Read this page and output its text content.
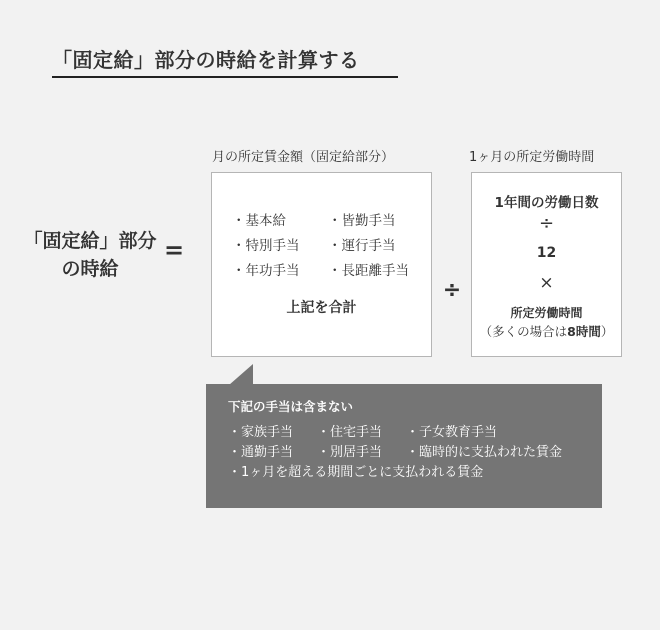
「固定給」部分の時給を計算する
「固定給」部分
の時給
=
月の所定賃金額（固定給部分）
・基本給	・皆勤手当
・特別手当	・運行手当
・年功手当	・長距離手当
上記を合計
÷
1ヶ月の所定労働時間
1年間の労働日数
÷
12
×
所定労働時間
（多くの場合は8時間）
下記の手当は含まない
・家族手当 ・住宅手当 ・子女教育手当
・通勤手当 ・別居手当 ・臨時的に支払われた賃金
・1ヶ月を超える期間ごとに支払われる賃金
